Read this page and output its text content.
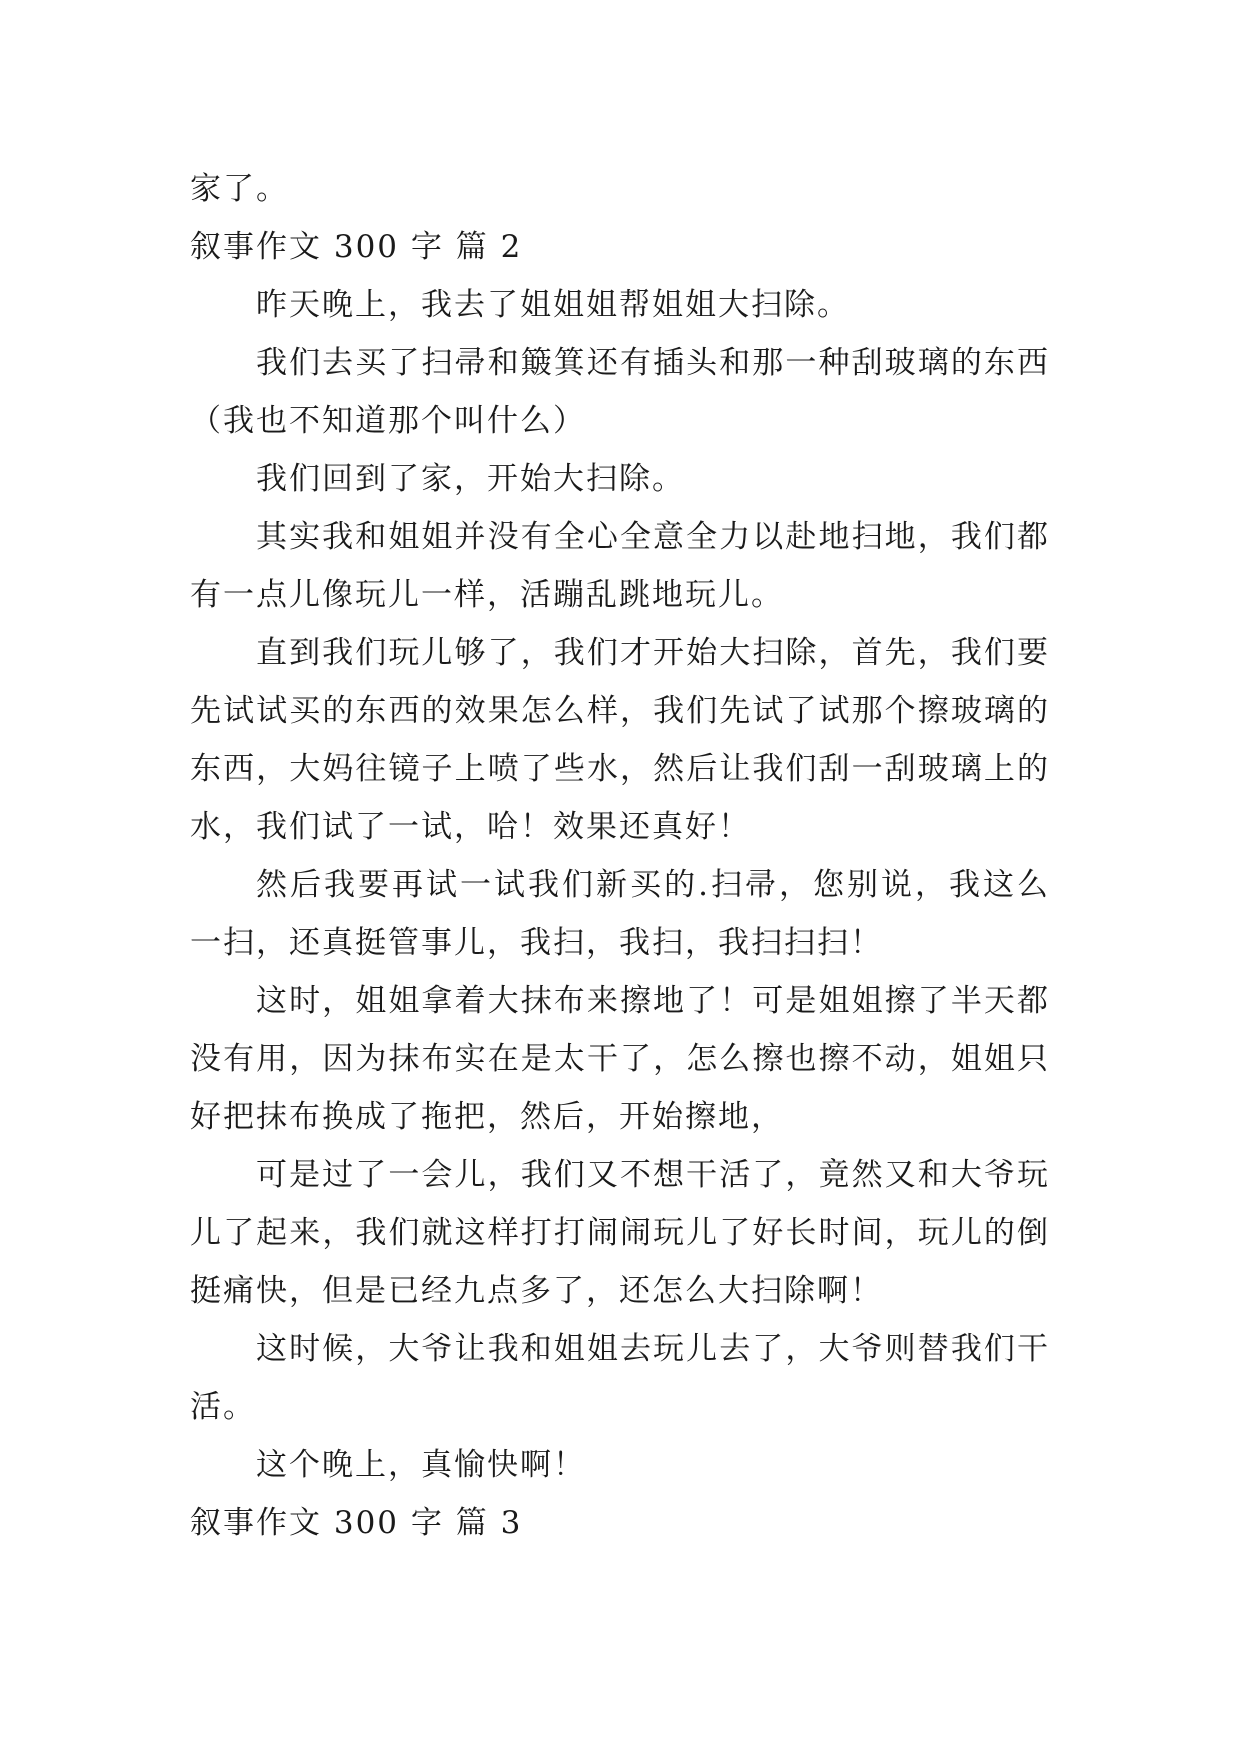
家了。

叙事作文 300 字 篇 2

昨天晚上，我去了姐姐姐帮姐姐大扫除。

我们去买了扫帚和簸箕还有插头和那一种刮玻璃的东西（我也不知道那个叫什么）

我们回到了家，开始大扫除。

其实我和姐姐并没有全心全意全力以赴地扫地，我们都有一点儿像玩儿一样，活蹦乱跳地玩儿。

直到我们玩儿够了，我们才开始大扫除，首先，我们要先试试买的东西的效果怎么样，我们先试了试那个擦玻璃的东西，大妈往镜子上喷了些水，然后让我们刮一刮玻璃上的水，我们试了一试，哈！效果还真好！

然后我要再试一试我们新买的.扫帚，您别说，我这么一扫，还真挺管事儿，我扫，我扫，我扫扫扫！

这时，姐姐拿着大抹布来擦地了！可是姐姐擦了半天都没有用，因为抹布实在是太干了，怎么擦也擦不动，姐姐只好把抹布换成了拖把，然后，开始擦地，

可是过了一会儿，我们又不想干活了，竟然又和大爷玩儿了起来，我们就这样打打闹闹玩儿了好长时间，玩儿的倒挺痛快，但是已经九点多了，还怎么大扫除啊！

这时候，大爷让我和姐姐去玩儿去了，大爷则替我们干活。

这个晚上，真愉快啊！

叙事作文 300 字 篇 3
